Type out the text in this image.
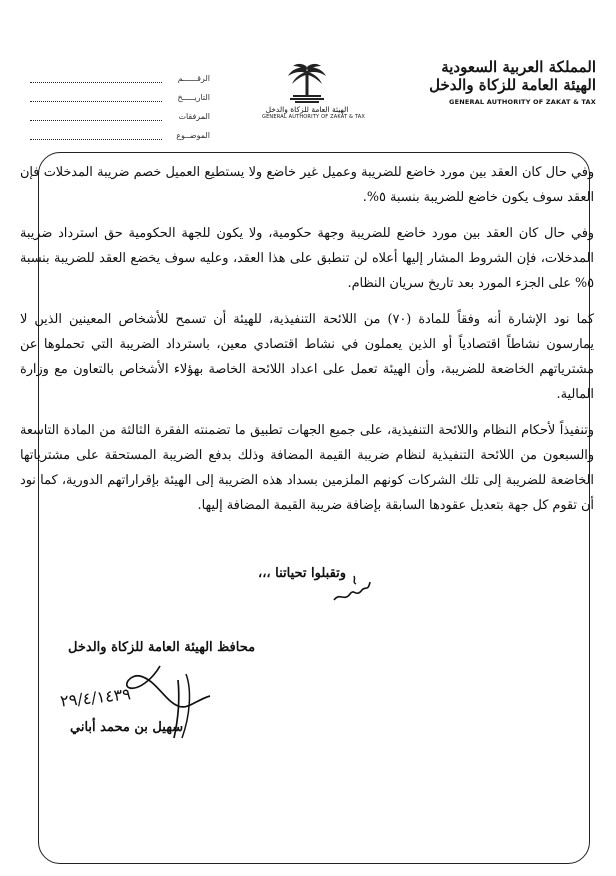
الرقــــــم
التاريـــــخ
المرفقات
الموضــوع
الهيئة العامة للزكاة والدخل
GENERAL AUTHORITY OF ZAKAT & TAX
المملكة العربية السعودية
الهيئة العامة للزكاة والدخل
GENERAL AUTHORITY OF ZAKAT & TAX

وفي حال كان العقد بين مورد خاضع للضريبة وعميل غير خاضع ولا يستطيع العميل خصم ضريبة المدخلات فإن العقد سوف يكون خاضع للضريبة بنسبة ٥%.

وفي حال كان العقد بين مورد خاضع للضريبة وجهة حكومية، ولا يكون للجهة الحكومية حق استرداد ضريبة المدخلات، فإن الشروط المشار إليها أعلاه لن تنطبق على هذا العقد، وعليه سوف يخضع العقد للضريبة بنسبة ٥% على الجزء المورد بعد تاريخ سريان النظام.

كما نود الإشارة أنه وفقاً للمادة (٧٠) من اللائحة التنفيذية، للهيئة أن تسمح للأشخاص المعينين الذين لا يمارسون نشاطاً اقتصادياً أو الذين يعملون في نشاط اقتصادي معين، باسترداد الضريبة التي تحملوها عن مشترياتهم الخاضعة للضريبة، وأن الهيئة تعمل على اعداد اللائحة الخاصة بهؤلاء الأشخاص بالتعاون مع وزارة المالية.

وتنفيذاً لأحكام النظام واللائحة التنفيذية، على جميع الجهات تطبيق ما تضمنته الفقرة الثالثة من المادة التاسعة والسبعون من اللائحة التنفيذية لنظام ضريبة القيمة المضافة وذلك بدفع الضريبة المستحقة على مشترياتها الخاضعة للضريبة إلى تلك الشركات كونهم الملزمين بسداد هذه الضريبة إلى الهيئة بإقراراتهم الدورية، كما نود أن تقوم كل جهة بتعديل عقودها السابقة بإضافة ضريبة القيمة المضافة إليها.

وتقبلوا تحياتنا ،،،
محافظ الهيئة العامة للزكاة والدخل
٢٩/٤/١٤٣٩
سهيل بن محمد أباني
